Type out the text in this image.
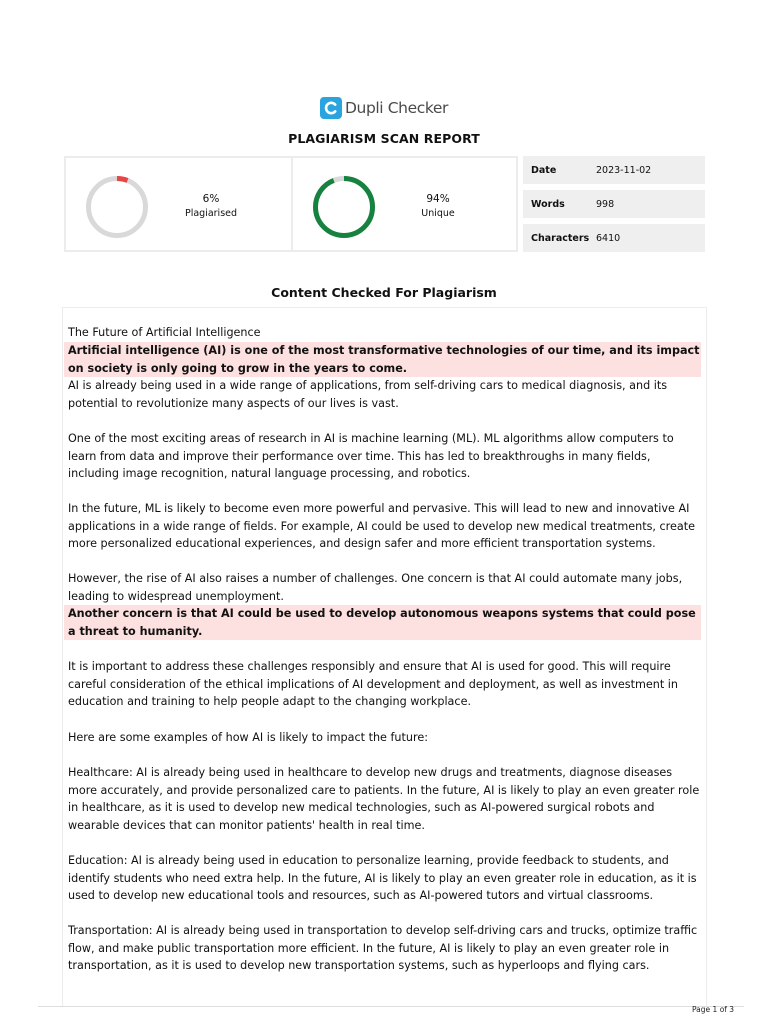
Dupli Checker
PLAGIARISM SCAN REPORT
6%
Plagiarised
94%
Unique
Date	2023-11-02
Words	998
Characters 6410
Content Checked For Plagiarism
The Future of Artificial Intelligence
Artificial intelligence (AI) is one of the most transformative technologies of our time, and its impact on society is only going to grow in the years to come.
AI is already being used in a wide range of applications, from self-driving cars to medical diagnosis, and its potential to revolutionize many aspects of our lives is vast.
One of the most exciting areas of research in AI is machine learning (ML). ML algorithms allow computers to learn from data and improve their performance over time. This has led to breakthroughs in many fields, including image recognition, natural language processing, and robotics.
In the future, ML is likely to become even more powerful and pervasive. This will lead to new and innovative AI applications in a wide range of fields. For example, AI could be used to develop new medical treatments, create more personalized educational experiences, and design safer and more efficient transportation systems.
However, the rise of AI also raises a number of challenges. One concern is that AI could automate many jobs, leading to widespread unemployment.
Another concern is that AI could be used to develop autonomous weapons systems that could pose a threat to humanity.
It is important to address these challenges responsibly and ensure that AI is used for good. This will require careful consideration of the ethical implications of AI development and deployment, as well as investment in education and training to help people adapt to the changing workplace.
Here are some examples of how AI is likely to impact the future:
Healthcare: AI is already being used in healthcare to develop new drugs and treatments, diagnose diseases more accurately, and provide personalized care to patients. In the future, AI is likely to play an even greater role in healthcare, as it is used to develop new medical technologies, such as AI-powered surgical robots and wearable devices that can monitor patients' health in real time.
Education: AI is already being used in education to personalize learning, provide feedback to students, and identify students who need extra help. In the future, AI is likely to play an even greater role in education, as it is used to develop new educational tools and resources, such as AI-powered tutors and virtual classrooms.
Transportation: AI is already being used in transportation to develop self-driving cars and trucks, optimize traffic flow, and make public transportation more efficient. In the future, AI is likely to play an even greater role in transportation, as it is used to develop new transportation systems, such as hyperloops and flying cars.
Page 1 of 3
